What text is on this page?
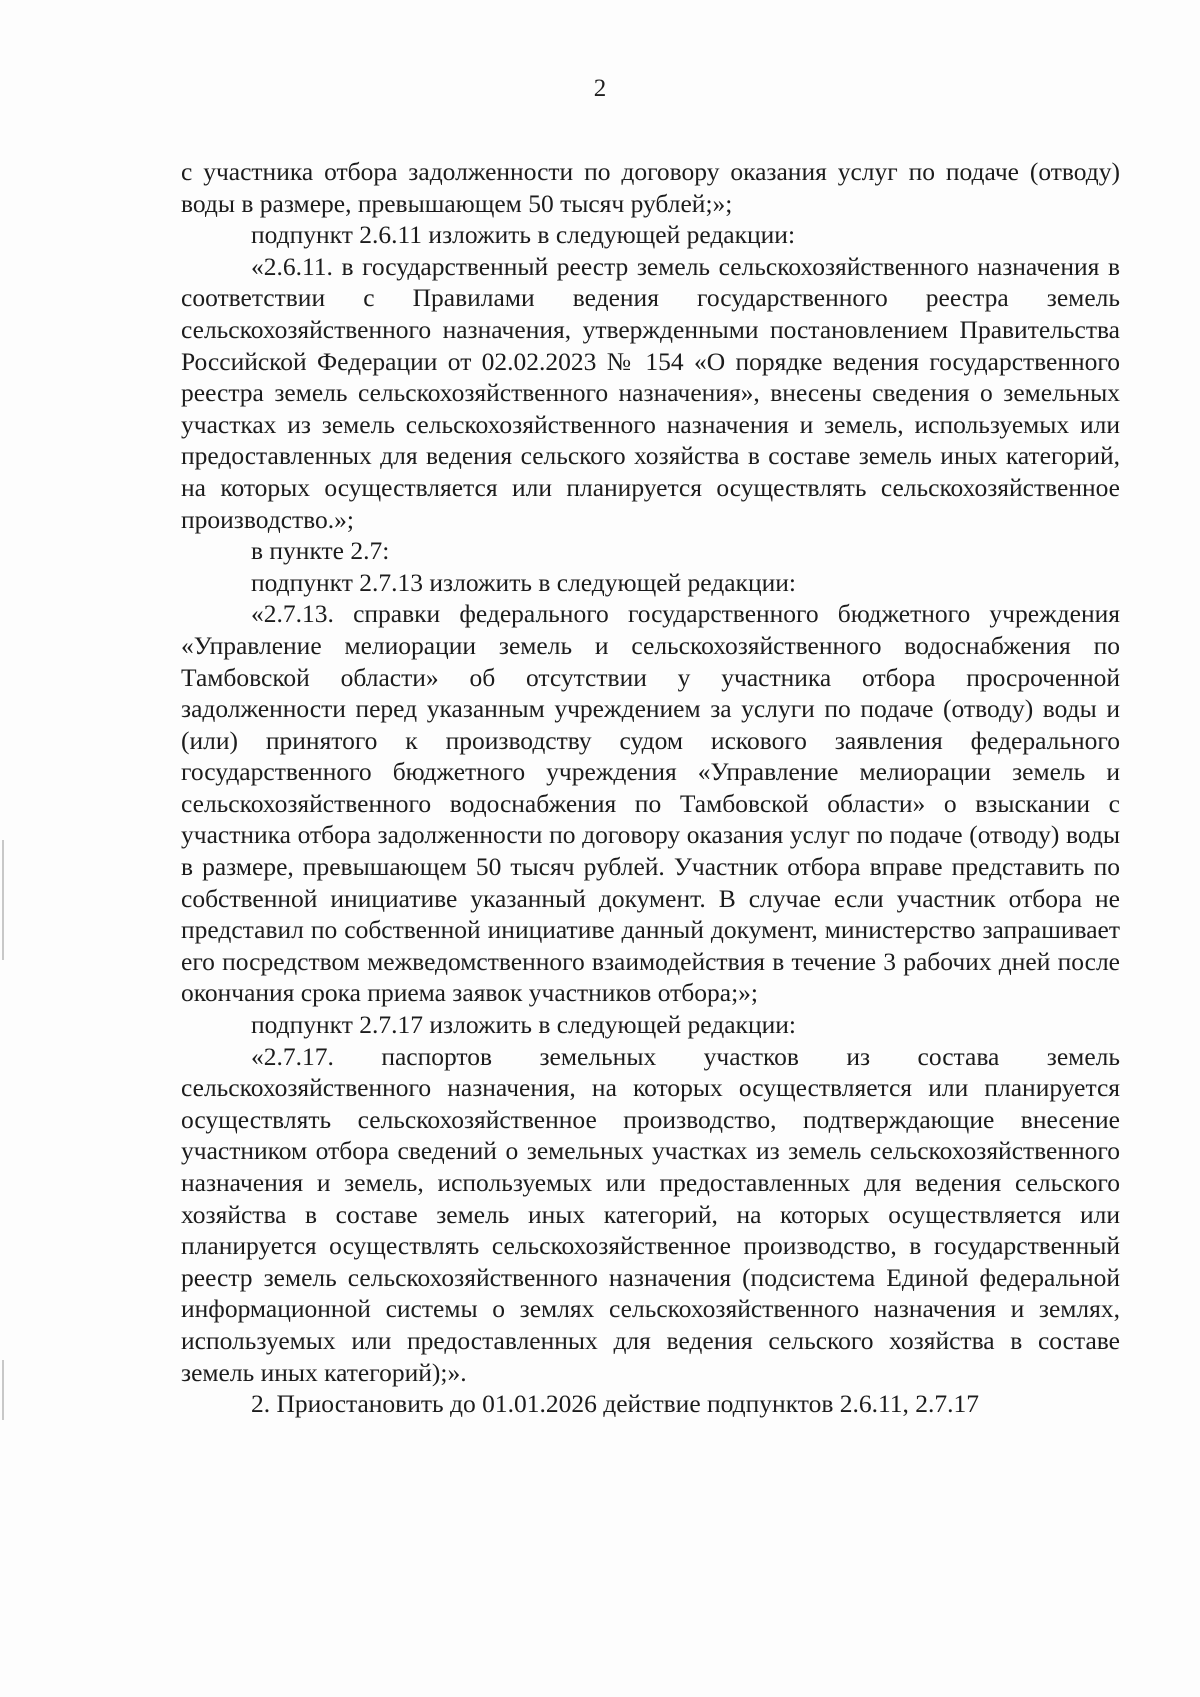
2

с участника отбора задолженности по договору оказания услуг по подаче (отводу) воды в размере, превышающем 50 тысяч рублей;»;

подпункт 2.6.11 изложить в следующей редакции:

«2.6.11. в государственный реестр земель сельскохозяйственного назначения в соответствии с Правилами ведения государственного реестра земель сельскохозяйственного назначения, утвержденными постановлением Правительства Российской Федерации от 02.02.2023 № 154 «О порядке ведения государственного реестра земель сельскохозяйственного назначения», внесены сведения о земельных участках из земель сельскохозяйственного назначения и земель, используемых или предоставленных для ведения сельского хозяйства в составе земель иных категорий, на которых осуществляется или планируется осуществлять сельскохозяйственное производство.»;

в пункте 2.7:

подпункт 2.7.13 изложить в следующей редакции:

«2.7.13. справки федерального государственного бюджетного учреждения «Управление мелиорации земель и сельскохозяйственного водоснабжения по Тамбовской области» об отсутствии у участника отбора просроченной задолженности перед указанным учреждением за услуги по подаче (отводу) воды и (или) принятого к производству судом искового заявления федерального государственного бюджетного учреждения «Управление мелиорации земель и сельскохозяйственного водоснабжения по Тамбовской области» о взыскании с участника отбора задолженности по договору оказания услуг по подаче (отводу) воды в размере, превышающем 50 тысяч рублей. Участник отбора вправе представить по собственной инициативе указанный документ. В случае если участник отбора не представил по собственной инициативе данный документ, министерство запрашивает его посредством межведомственного взаимодействия в течение 3 рабочих дней после окончания срока приема заявок участников отбора;»;

подпункт 2.7.17 изложить в следующей редакции:

«2.7.17. паспортов земельных участков из состава земель сельскохозяйственного назначения, на которых осуществляется или планируется осуществлять сельскохозяйственное производство, подтверждающие внесение участником отбора сведений о земельных участках из земель сельскохозяйственного назначения и земель, используемых или предоставленных для ведения сельского хозяйства в составе земель иных категорий, на которых осуществляется или планируется осуществлять сельскохозяйственное производство, в государственный реестр земель сельскохозяйственного назначения (подсистема Единой федеральной информационной системы о землях сельскохозяйственного назначения и землях, используемых или предоставленных для ведения сельского хозяйства в составе земель иных категорий);».

2. Приостановить до 01.01.2026 действие подпунктов 2.6.11, 2.7.17
